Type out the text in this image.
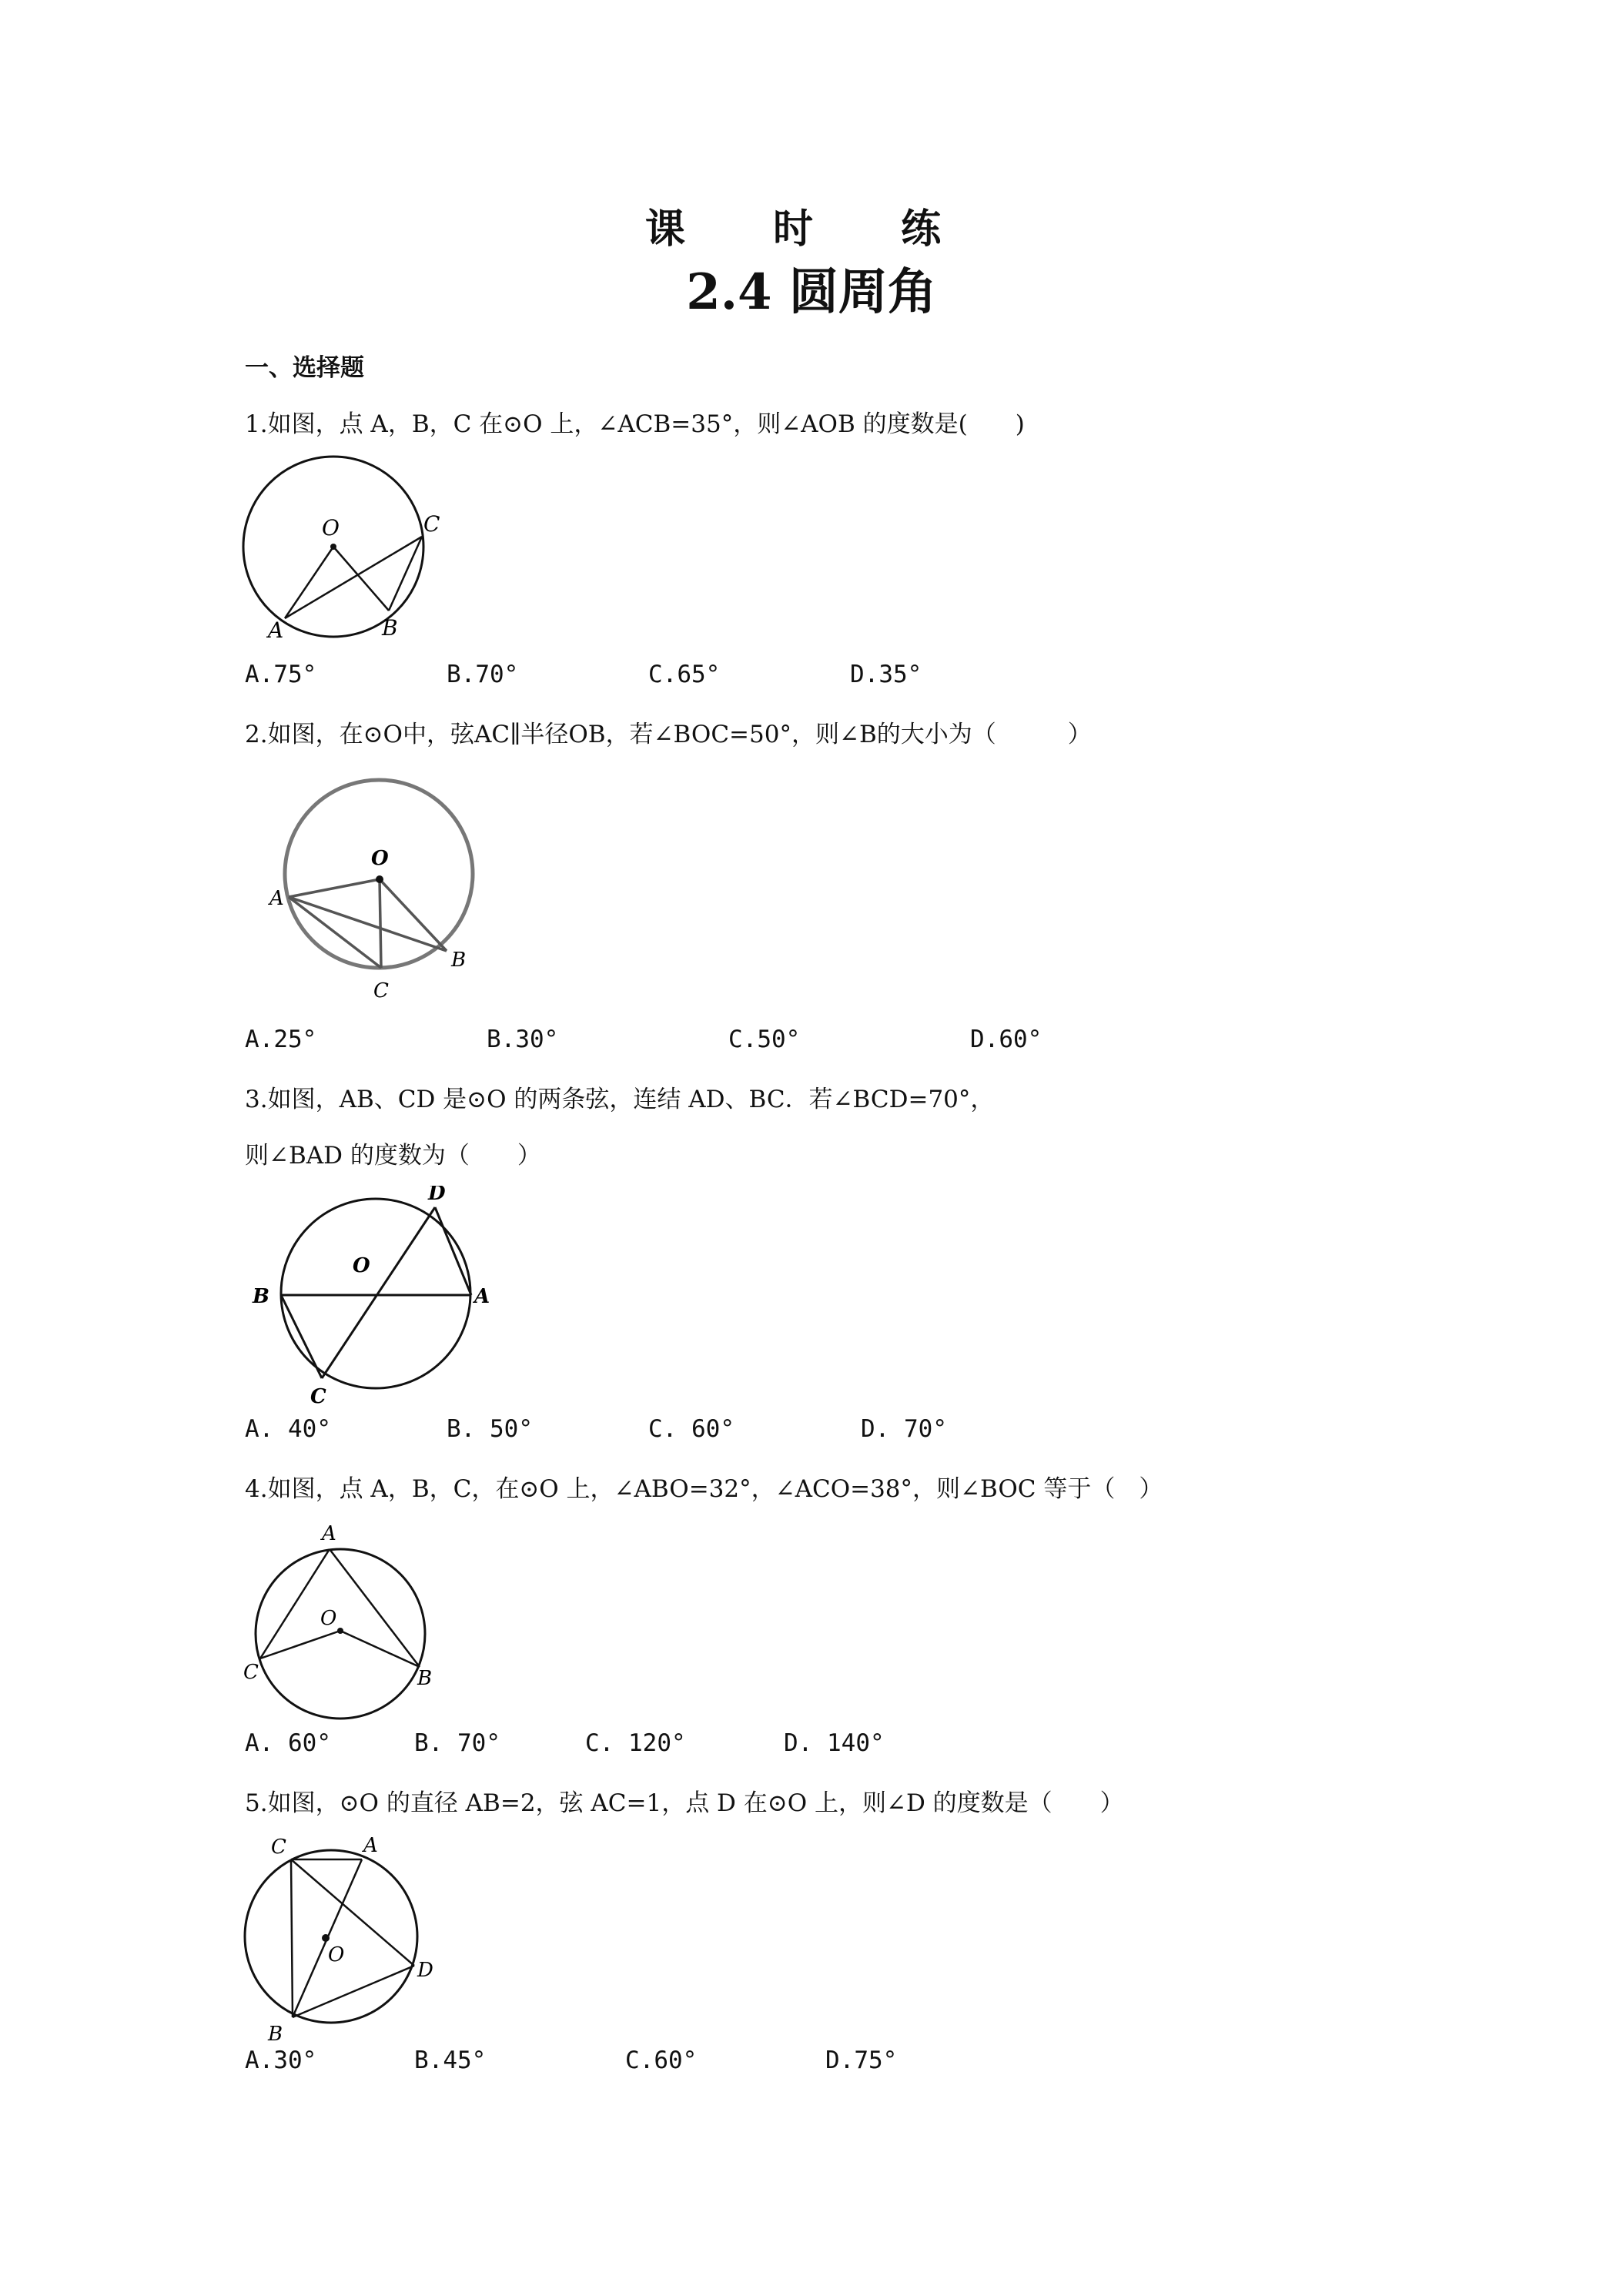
课 时 练
2.4 圆周角
一、选择题
1.如图，点 A，B，C 在⊙O 上，∠ACB=35°，则∠AOB 的度数是(　　)
O	C
A	B
A.75°	B.70°	C.65°	D.35°
2.如图，在⊙O中，弦AC∥半径OB，若∠BOC=50°，则∠B的大小为（　　　）
O
A
B
C
A.25°	B.30°	C.50°	D.60°
3.如图，AB、CD 是⊙O 的两条弦，连结 AD、BC．若∠BCD=70°，
则∠BAD 的度数为（　　）
D
O
B	A
C
A. 40°	B. 50°	C. 60°	D. 70°
4.如图，点 A，B，C，在⊙O 上，∠ABO=32°，∠ACO=38°，则∠BOC 等于（　）
A
O
C	B
A. 60°	B. 70°	C. 120°	D. 140°
5.如图，⊙O 的直径 AB=2，弦 AC=1，点 D 在⊙O 上，则∠D 的度数是（　　）
C	A
O
D
B
A.30°	B.45°	C.60°	D.75°
